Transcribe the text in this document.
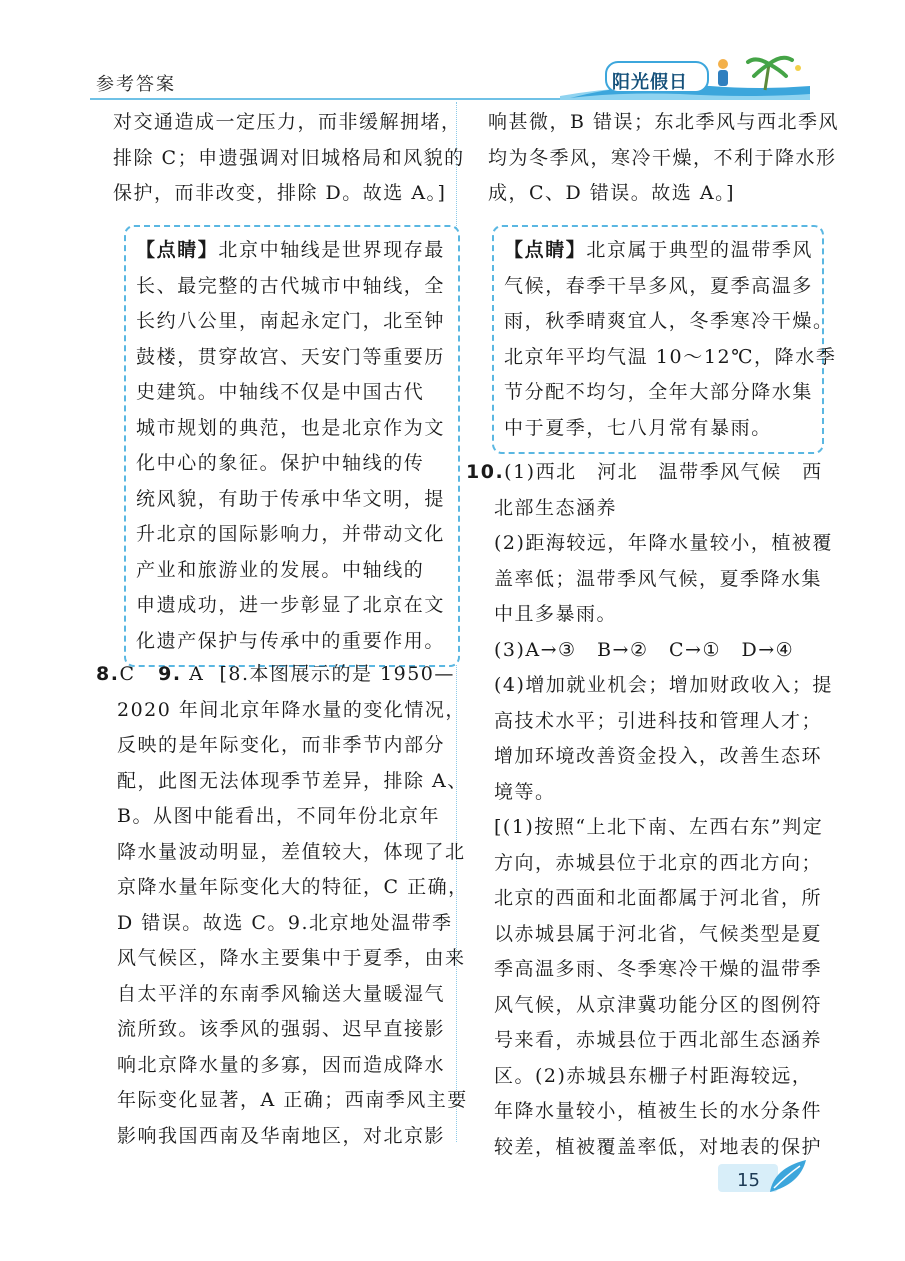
参考答案	阳光假日
对交通造成一定压力，而非缓解拥堵，
排除 C；申遗强调对旧城格局和风貌的
保护，而非改变，排除 D。故选 A。]
【点睛】北京中轴线是世界现存最
长、最完整的古代城市中轴线，全
长约八公里，南起永定门，北至钟
鼓楼，贯穿故宫、天安门等重要历
史建筑。中轴线不仅是中国古代
城市规划的典范，也是北京作为文
化中心的象征。保护中轴线的传
统风貌，有助于传承中华文明，提
升北京的国际影响力，并带动文化
产业和旅游业的发展。中轴线的
申遗成功，进一步彰显了北京在文
化遗产保护与传承中的重要作用。
8.C 9. A [8.本图展示的是 1950—
2020 年间北京年降水量的变化情况，
反映的是年际变化，而非季节内部分
配，此图无法体现季节差异，排除 A、
B。从图中能看出，不同年份北京年
降水量波动明显，差值较大，体现了北
京降水量年际变化大的特征，C 正确，
D 错误。故选 C。9.北京地处温带季
风气候区，降水主要集中于夏季，由来
自太平洋的东南季风输送大量暖湿气
流所致。该季风的强弱、迟早直接影
响北京降水量的多寡，因而造成降水
年际变化显著，A 正确；西南季风主要
影响我国西南及华南地区，对北京影
响甚微，B 错误；东北季风与西北季风
均为冬季风，寒冷干燥，不利于降水形
成，C、D 错误。故选 A。]
【点睛】北京属于典型的温带季风
气候，春季干旱多风，夏季高温多
雨，秋季晴爽宜人，冬季寒冷干燥。
北京年平均气温 10～12℃，降水季
节分配不均匀，全年大部分降水集
中于夏季，七八月常有暴雨。
10.(1)西北　河北　温带季风气候　西
北部生态涵养
(2)距海较远，年降水量较小，植被覆
盖率低；温带季风气候，夏季降水集
中且多暴雨。
(3)A→③　B→②　C→①　D→④
(4)增加就业机会；增加财政收入；提
高技术水平；引进科技和管理人才；
增加环境改善资金投入，改善生态环
境等。
[(1)按照“上北下南、左西右东”判定
方向，赤城县位于北京的西北方向；
北京的西面和北面都属于河北省，所
以赤城县属于河北省，气候类型是夏
季高温多雨、冬季寒冷干燥的温带季
风气候，从京津冀功能分区的图例符
号来看，赤城县位于西北部生态涵养
区。(2)赤城县东栅子村距海较远，
年降水量较小，植被生长的水分条件
较差，植被覆盖率低，对地表的保护
15
